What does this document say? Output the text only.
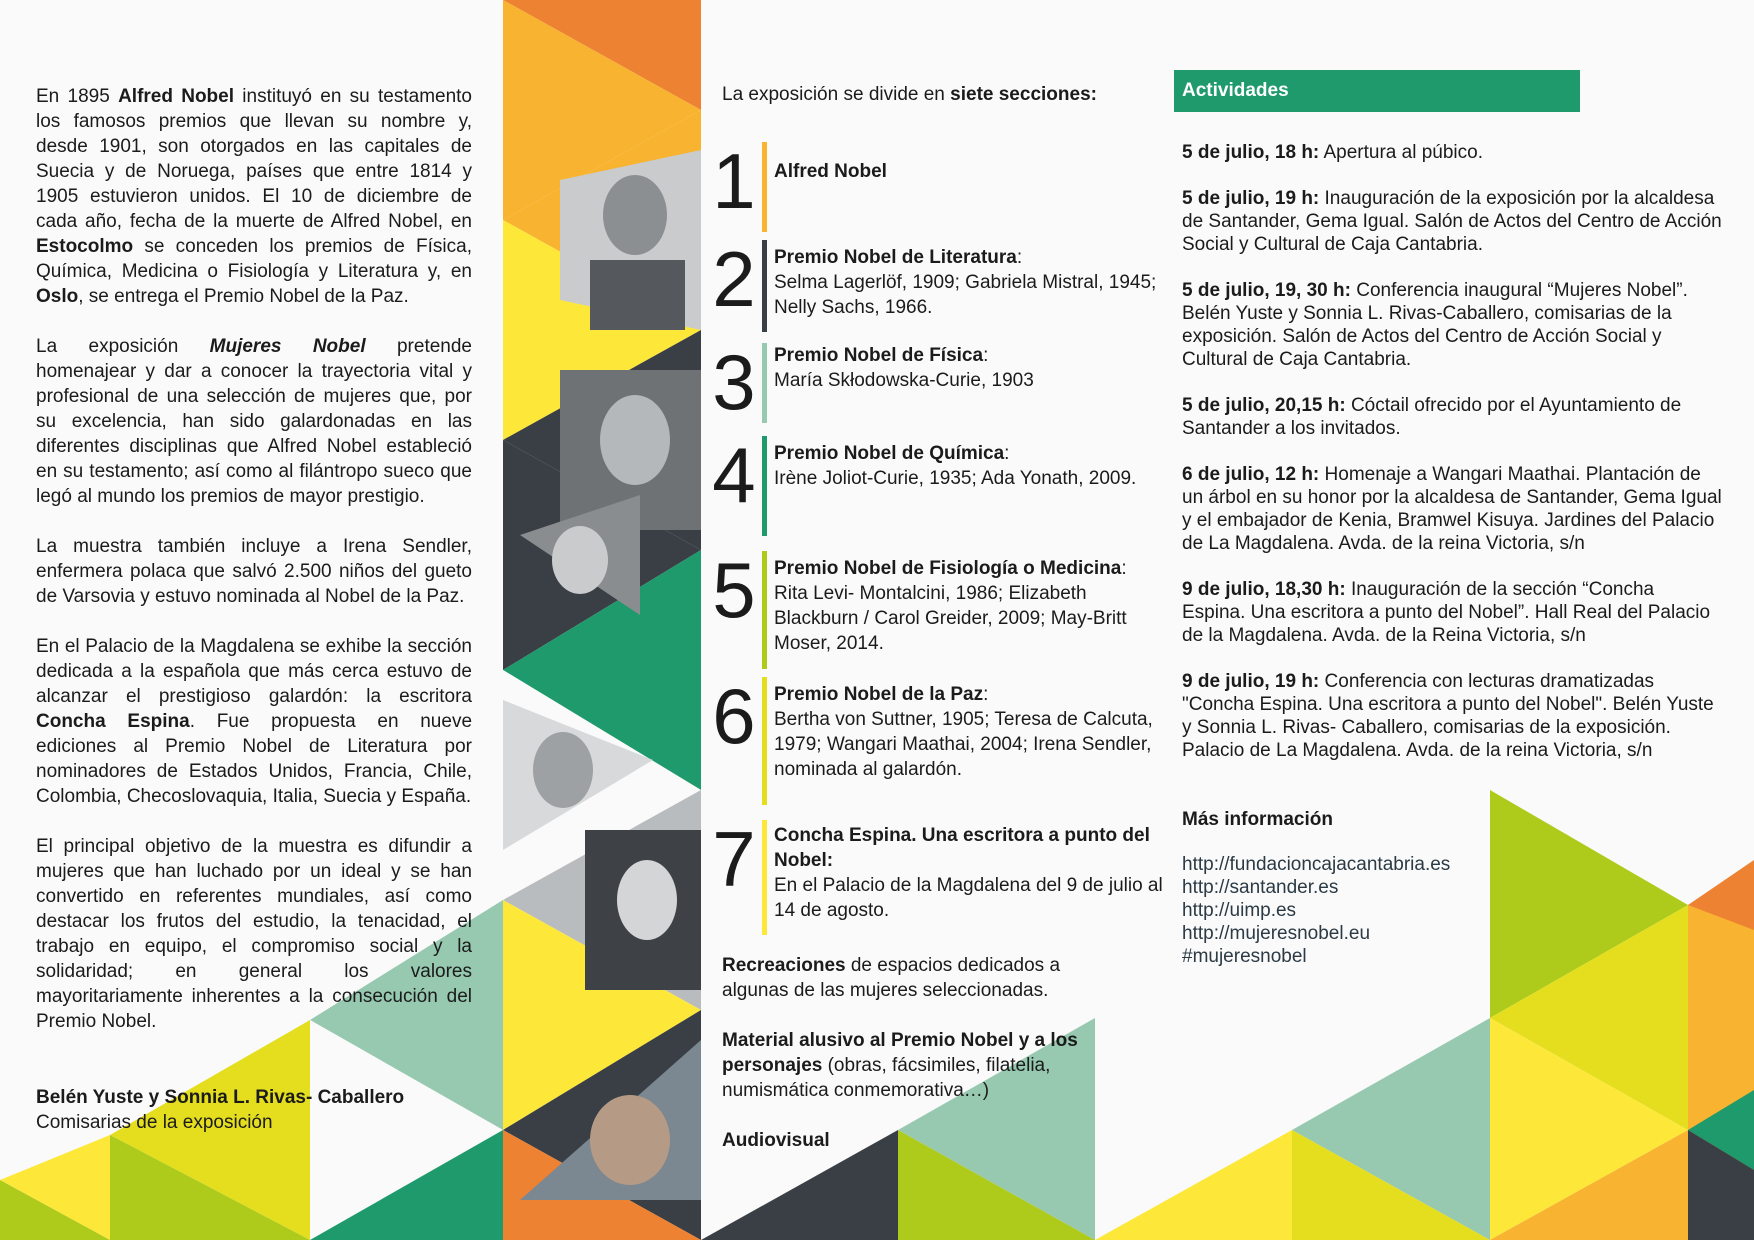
En 1895 Alfred Nobel instituyó en su testamento los famosos premios que llevan su nombre y, desde 1901, son otorgados en las capitales de Suecia y de Noruega, países que entre 1814 y 1905 estuvieron unidos. El 10 de diciembre de cada año, fecha de la muerte de Alfred Nobel, en Estocolmo se conceden los premios de Física, Química, Medicina o Fisiología y Literatura y, en Oslo, se entrega el Premio Nobel de la Paz.

La exposición Mujeres Nobel pretende homenajear y dar a conocer la trayectoria vital y profesional de una selección de mujeres que, por su excelencia, han sido galardonadas en las diferentes disciplinas que Alfred Nobel estableció en su testamento; así como al filántropo sueco que legó al mundo los premios de mayor prestigio.

La muestra también incluye a Irena Sendler, enfermera polaca que salvó 2.500 niños del gueto de Varsovia y estuvo nominada al Nobel de la Paz.

En el Palacio de la Magdalena se exhibe la sección dedicada a la española que más cerca estuvo de alcanzar el prestigioso galardón: la escritora Concha Espina. Fue propuesta en nueve ediciones al Premio Nobel de Literatura por nominadores de Estados Unidos, Francia, Chile, Colombia, Checoslovaquia, Italia, Suecia y España.

El principal objetivo de la muestra es difundir a mujeres que han luchado por un ideal y se han convertido en referentes mundiales, así como destacar los frutos del estudio, la tenacidad, el trabajo en equipo, el compromiso social y la solidaridad; en general los valores mayoritariamente inherentes a la consecución del Premio Nobel.

Belén Yuste y Sonnia L. Rivas- Caballero

Comisarias de la exposición

La exposición se divide en siete secciones:
1 Alfred Nobel
2 Premio Nobel de Literatura:
Selma Lagerlöf, 1909; Gabriela Mistral, 1945; Nelly Sachs, 1966.
3 Premio Nobel de Física:
María Skłodowska-Curie, 1903
4 Premio Nobel de Química:
Irène Joliot-Curie, 1935; Ada Yonath, 2009.
5 Premio Nobel de Fisiología o Medicina:
Rita Levi- Montalcini, 1986; Elizabeth Blackburn / Carol Greider, 2009; May-Britt Moser, 2014.
6 Premio Nobel de la Paz:
Bertha von Suttner, 1905; Teresa de Calcuta, 1979; Wangari Maathai, 2004; Irena Sendler, nominada al galardón.
7 Concha Espina. Una escritora a punto del Nobel:
En el Palacio de la Magdalena del 9 de julio al 14 de agosto.
Recreaciones de espacios dedicados a algunas de las mujeres seleccionadas.
Material alusivo al Premio Nobel y a los personajes (obras, fácsimiles, filatelia, numismática conmemorativa…)
Audiovisual
Actividades

5 de julio, 18 h: Apertura al púbico.

5 de julio, 19 h: Inauguración de la exposición por la alcaldesa de Santander, Gema Igual. Salón de Actos del Centro de Acción Social y Cultural de Caja Cantabria.

5 de julio, 19, 30 h: Conferencia inaugural “Mujeres Nobel”. Belén Yuste y Sonnia L. Rivas-Caballero, comisarias de la exposición. Salón de Actos del Centro de Acción Social y Cultural de Caja Cantabria.

5 de julio, 20,15 h: Cóctail ofrecido por el Ayuntamiento de Santander a los invitados.

6 de julio, 12 h: Homenaje a Wangari Maathai. Plantación de un árbol en su honor por la alcaldesa de Santander, Gema Igual y el embajador de Kenia, Bramwel Kisuya. Jardines del Palacio de La Magdalena. Avda. de la reina Victoria, s/n

9 de julio, 18,30 h: Inauguración de la sección “Concha Espina. Una escritora a punto del Nobel”. Hall Real del Palacio de la Magdalena. Avda. de la Reina Victoria, s/n

9 de julio, 19 h: Conferencia con lecturas dramatizadas "Concha Espina. Una escritora a punto del Nobel". Belén Yuste y Sonnia L. Rivas- Caballero, comisarias de la exposición. Palacio de La Magdalena. Avda. de la reina Victoria, s/n

Más información

http://fundacioncajacantabria.es
http://santander.es
http://uimp.es
http://mujeresnobel.eu
#mujeresnobel
